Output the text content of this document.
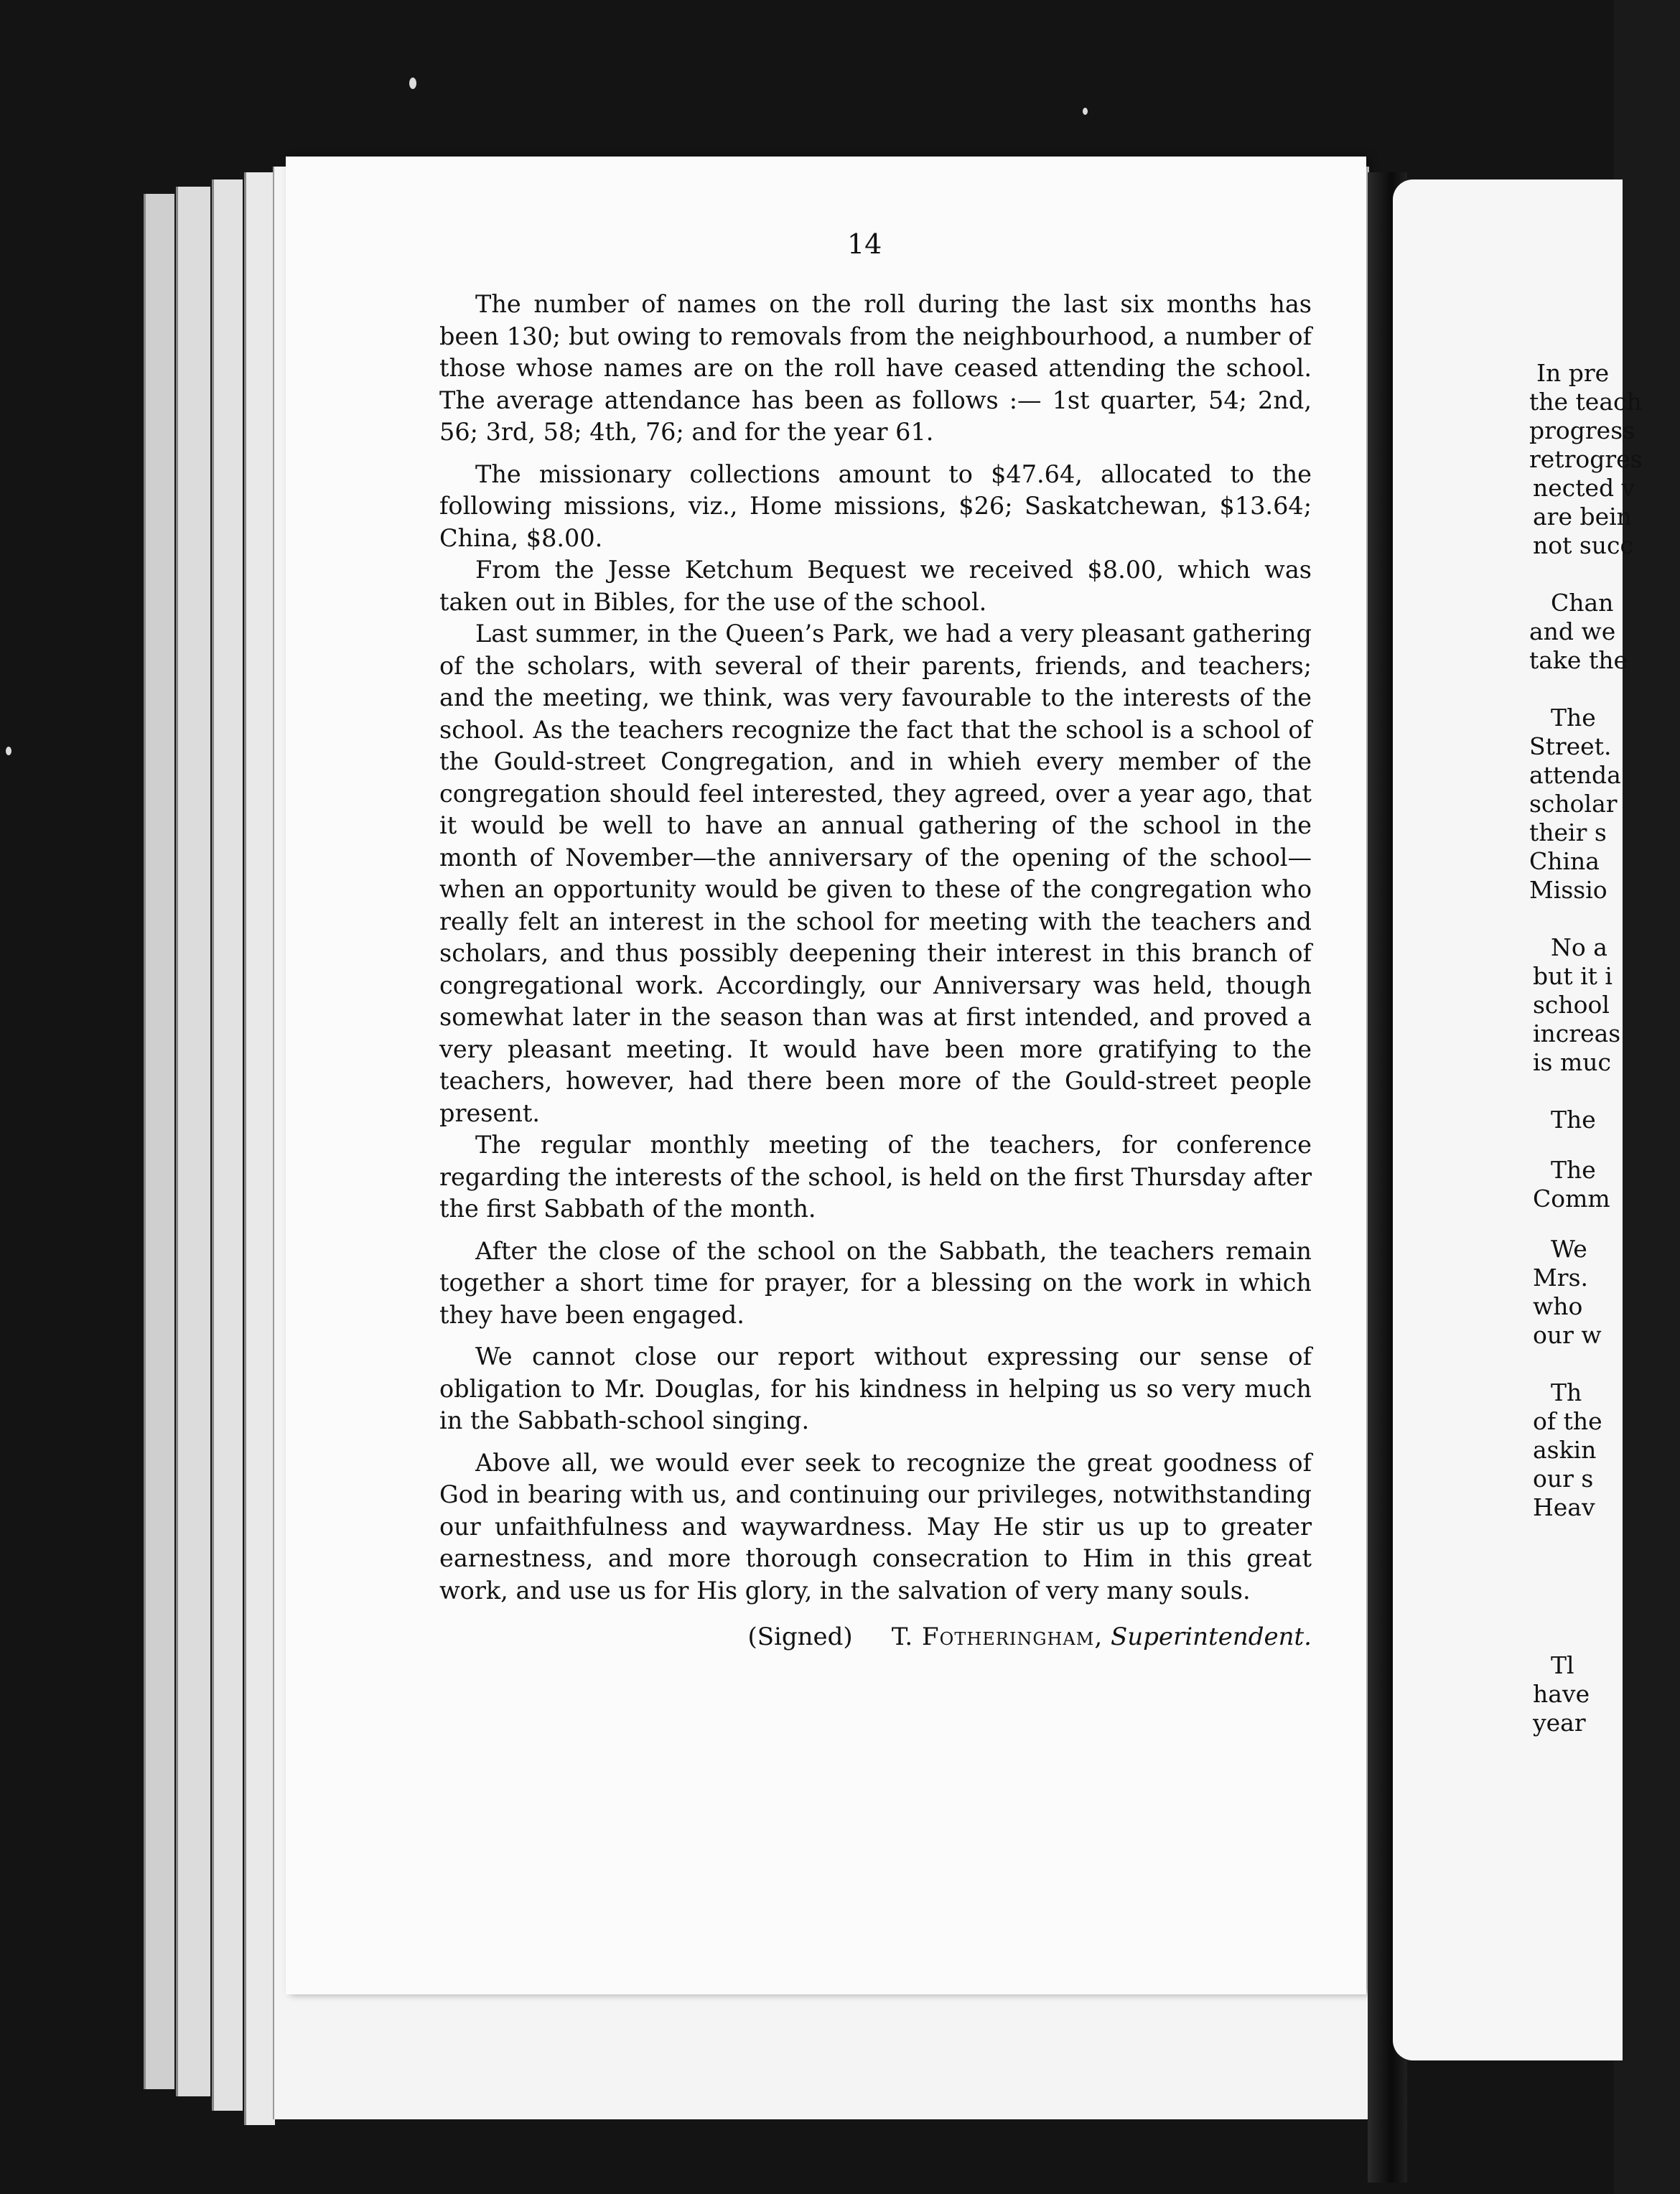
14

The number of names on the roll during the last six months has been 130; but owing to removals from the neighbourhood, a number of those whose names are on the roll have ceased attending the school. The average attendance has been as follows :— 1st quarter, 54; 2nd, 56; 3rd, 58; 4th, 76; and for the year 61.

The missionary collections amount to $47.64, allocated to the following missions, viz., Home missions, $26; Saskatchewan, $13.64; China, $8.00.

From the Jesse Ketchum Bequest we received $8.00, which was taken out in Bibles, for the use of the school.

Last summer, in the Queen’s Park, we had a very pleasant gathering of the scholars, with several of their parents, friends, and teachers; and the meeting, we think, was very favourable to the interests of the school. As the teachers recognize the fact that the school is a school of the Gould-street Congregation, and in whieh every member of the congregation should feel interested, they agreed, over a year ago, that it would be well to have an annual gathering of the school in the month of November—the anniversary of the opening of the school—when an opportunity would be given to these of the congregation who really felt an interest in the school for meeting with the teachers and scholars, and thus possibly deepening their interest in this branch of congregational work. Accordingly, our Anniversary was held, though somewhat later in the season than was at first intended, and proved a very pleasant meeting. It would have been more gratifying to the teachers, however, had there been more of the Gould-street people present.

The regular monthly meeting of the teachers, for conference regarding the interests of the school, is held on the first Thursday after the first Sabbath of the month.

After the close of the school on the Sabbath, the teachers remain together a short time for prayer, for a blessing on the work in which they have been engaged.

We cannot close our report without expressing our sense of obligation to Mr. Douglas, for his kindness in helping us so very much in the Sabbath-school singing.

Above all, we would ever seek to recognize the great goodness of God in bearing with us, and continuing our privileges, notwithstanding our unfaithfulness and waywardness. May He stir us up to greater earnestness, and more thorough consecration to Him in this great work, and use us for His glory, in the salvation of very many souls.

(Signed) T. Fotheringham, Superintendent.
In pre
the teach
progress
retrogres
nected v
are bein
not succ
Chan
and we
take the
The
Street.
attenda
scholar
their s
China
Missio
No a
but it i
school
increas
is muc
The
The
Comm
We
Mrs.
who
our w
Th
of the
askin
our s
Heav
Tl
have
year
